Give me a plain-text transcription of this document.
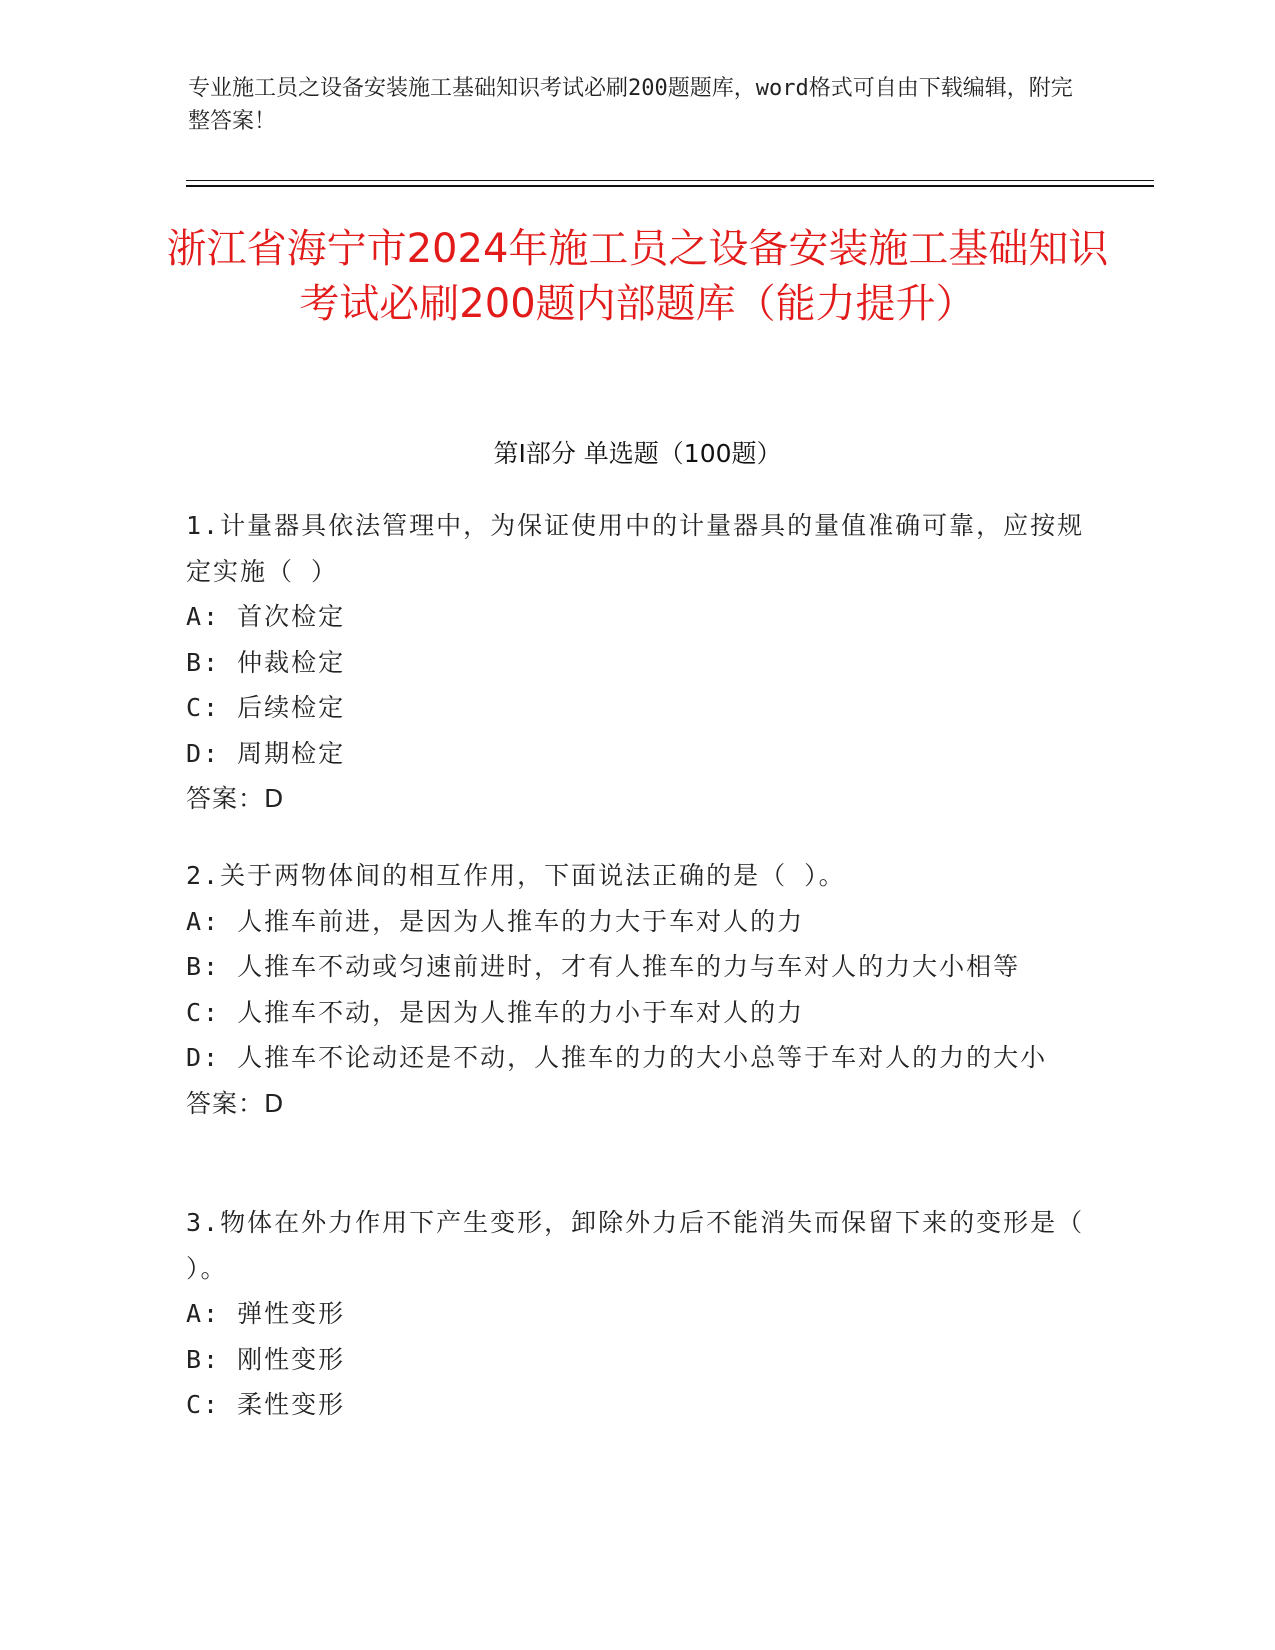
专业施工员之设备安装施工基础知识考试必刷200题题库，word格式可自由下载编辑，附完整答案！
浙江省海宁市2024年施工员之设备安装施工基础知识考试必刷200题内部题库（能力提升）
第I部分 单选题（100题）
1.计量器具依法管理中，为保证使用中的计量器具的量值准确可靠，应按规定实施（ ）
A: 首次检定
B: 仲裁检定
C: 后续检定
D: 周期检定
答案：D
2.关于两物体间的相互作用，下面说法正确的是（ ）。
A: 人推车前进，是因为人推车的力大于车对人的力
B: 人推车不动或匀速前进时，才有人推车的力与车对人的力大小相等
C: 人推车不动，是因为人推车的力小于车对人的力
D: 人推车不论动还是不动，人推车的力的大小总等于车对人的力的大小
答案：D
3.物体在外力作用下产生变形，卸除外力后不能消失而保留下来的变形是（ ）。
A: 弹性变形
B: 刚性变形
C: 柔性变形
